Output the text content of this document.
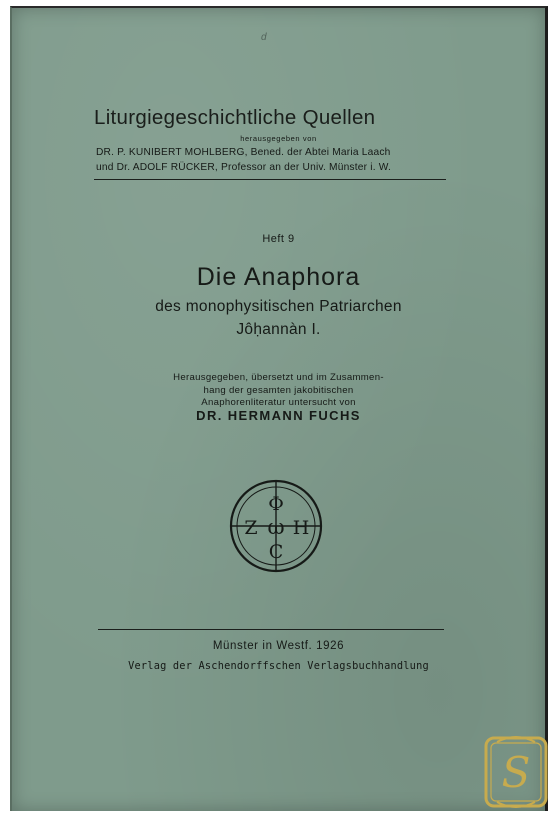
d
Liturgiegeschichtliche Quellen
herausgegeben von
DR. P. KUNIBERT MOHLBERG, Bened. der Abtei Maria Laach
und Dr. ADOLF RÜCKER, Professor an der Univ. Münster i. W.
Heft 9
Die Anaphora
des monophysitischen Patriarchen
Jôḥannàn I.
Herausgegeben, übersetzt und im Zusammen-
hang der gesamten jakobitischen
Anaphorenliteratur untersucht von
DR. HERMANN FUCHS
Φ
Z ω H
C
Münster in Westf. 1926
Verlag der Aschendorffschen Verlagsbuchhandlung
S
